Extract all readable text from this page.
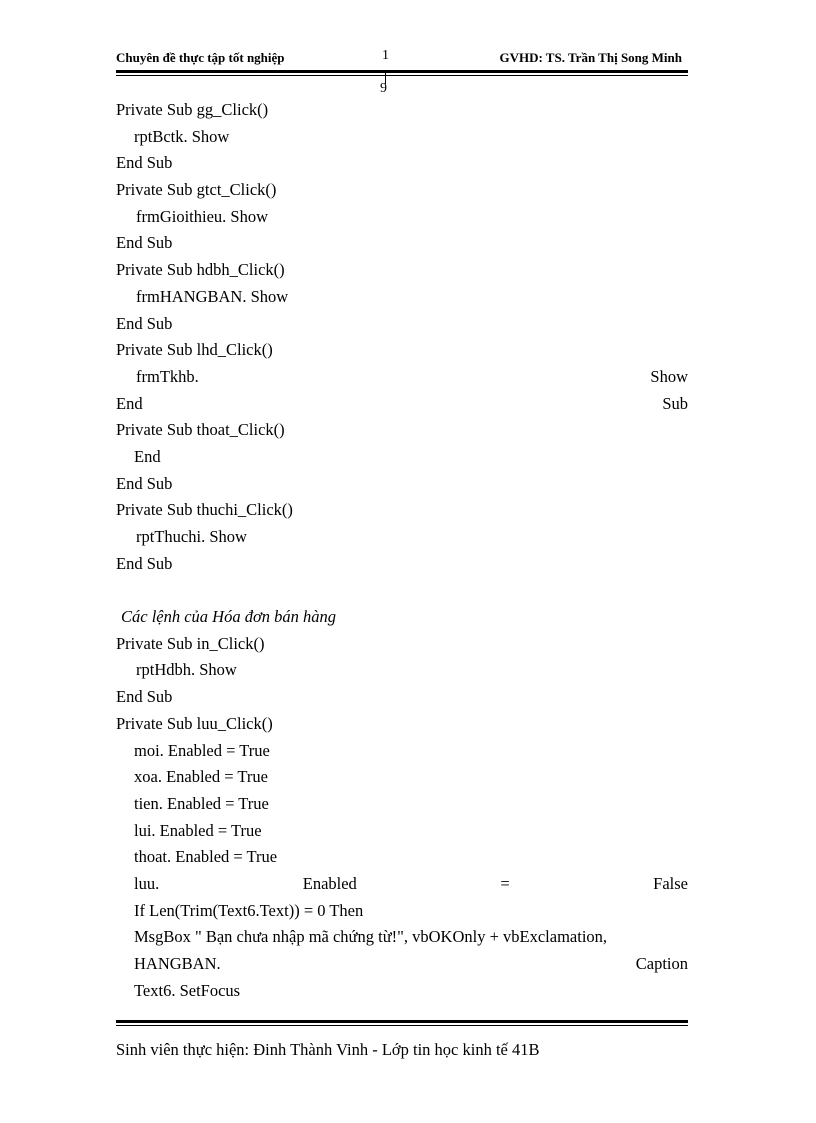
Chuyên đề thực tập tốt nghiệp	1	GVHD: TS. Trần Thị Song Minh
9
Private Sub gg_Click()
rptBctk. Show
End Sub
Private Sub gtct_Click()
frmGioithieu. Show
End Sub
Private Sub hdbh_Click()
frmHANGBAN. Show
End Sub
Private Sub lhd_Click()
frmTkhb.	Show
End	Sub
Private Sub thoat_Click()
End
End Sub
Private Sub thuchi_Click()
rptThuchi. Show
End Sub
Các lệnh của Hóa đơn bán hàng
Private Sub in_Click()
rptHdbh. Show
End Sub
Private Sub luu_Click()
moi. Enabled = True
xoa. Enabled = True
tien. Enabled = True
lui. Enabled = True
thoat. Enabled = True
luu.	Enabled	=	False
If Len(Trim(Text6.Text)) = 0 Then
MsgBox " Bạn chưa nhập mã chứng từ!", vbOKOnly + vbExclamation,
HANGBAN.	Caption
Text6. SetFocus
Sinh viên thực hiện: Đinh Thành Vinh - Lớp tin học kinh tế 41B
